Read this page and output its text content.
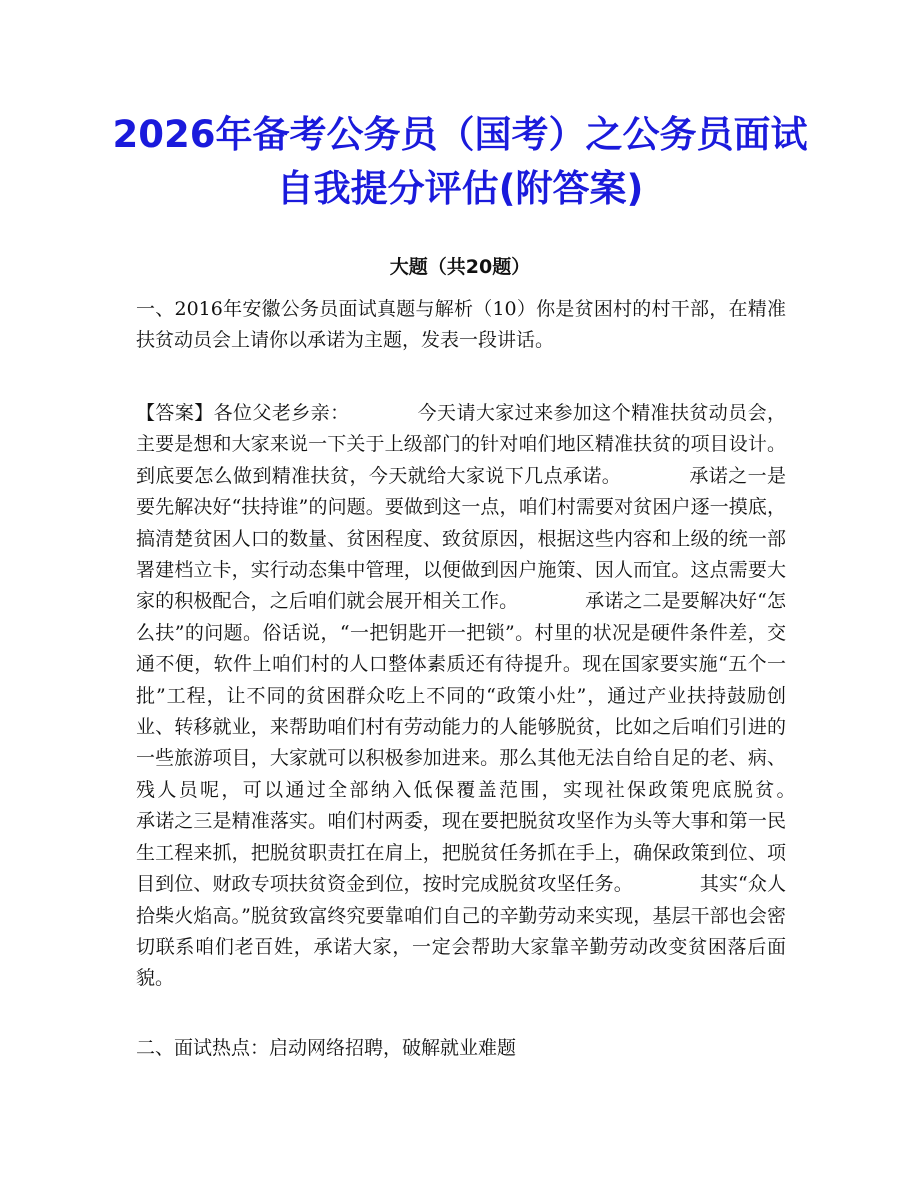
2026年备考公务员（国考）之公务员面试自我提分评估(附答案)
大题（共20题）

一、2016年安徽公务员面试真题与解析（10）你是贫困村的村干部，在精准扶贫动员会上请你以承诺为主题，发表一段讲话。

【答案】各位父老乡亲：　　　　今天请大家过来参加这个精准扶贫动员会，主要是想和大家来说一下关于上级部门的针对咱们地区精准扶贫的项目设计。到底要怎么做到精准扶贫，今天就给大家说下几点承诺。　　　　承诺之一是要先解决好“扶持谁”的问题。要做到这一点，咱们村需要对贫困户逐一摸底，搞清楚贫困人口的数量、贫困程度、致贫原因，根据这些内容和上级的统一部署建档立卡，实行动态集中管理，以便做到因户施策、因人而宜。这点需要大家的积极配合，之后咱们就会展开相关工作。　　　　承诺之二是要解决好“怎么扶”的问题。俗话说，“一把钥匙开一把锁”。村里的状况是硬件条件差，交通不便，软件上咱们村的人口整体素质还有待提升。现在国家要实施“五个一批”工程，让不同的贫困群众吃上不同的“政策小灶”，通过产业扶持鼓励创业、转移就业，来帮助咱们村有劳动能力的人能够脱贫，比如之后咱们引进的一些旅游项目，大家就可以积极参加进来。那么其他无法自给自足的老、病、残人员呢，可以通过全部纳入低保覆盖范围，实现社保政策兜底脱贫。　　　　承诺之三是精准落实。咱们村两委，现在要把脱贫攻坚作为头等大事和第一民生工程来抓，把脱贫职责扛在肩上，把脱贫任务抓在手上，确保政策到位、项目到位、财政专项扶贫资金到位，按时完成脱贫攻坚任务。　　　　其实“众人拾柴火焰高。”脱贫致富终究要靠咱们自己的辛勤劳动来实现，基层干部也会密切联系咱们老百姓，承诺大家，一定会帮助大家靠辛勤劳动改变贫困落后面貌。

二、面试热点：启动网络招聘，破解就业难题
